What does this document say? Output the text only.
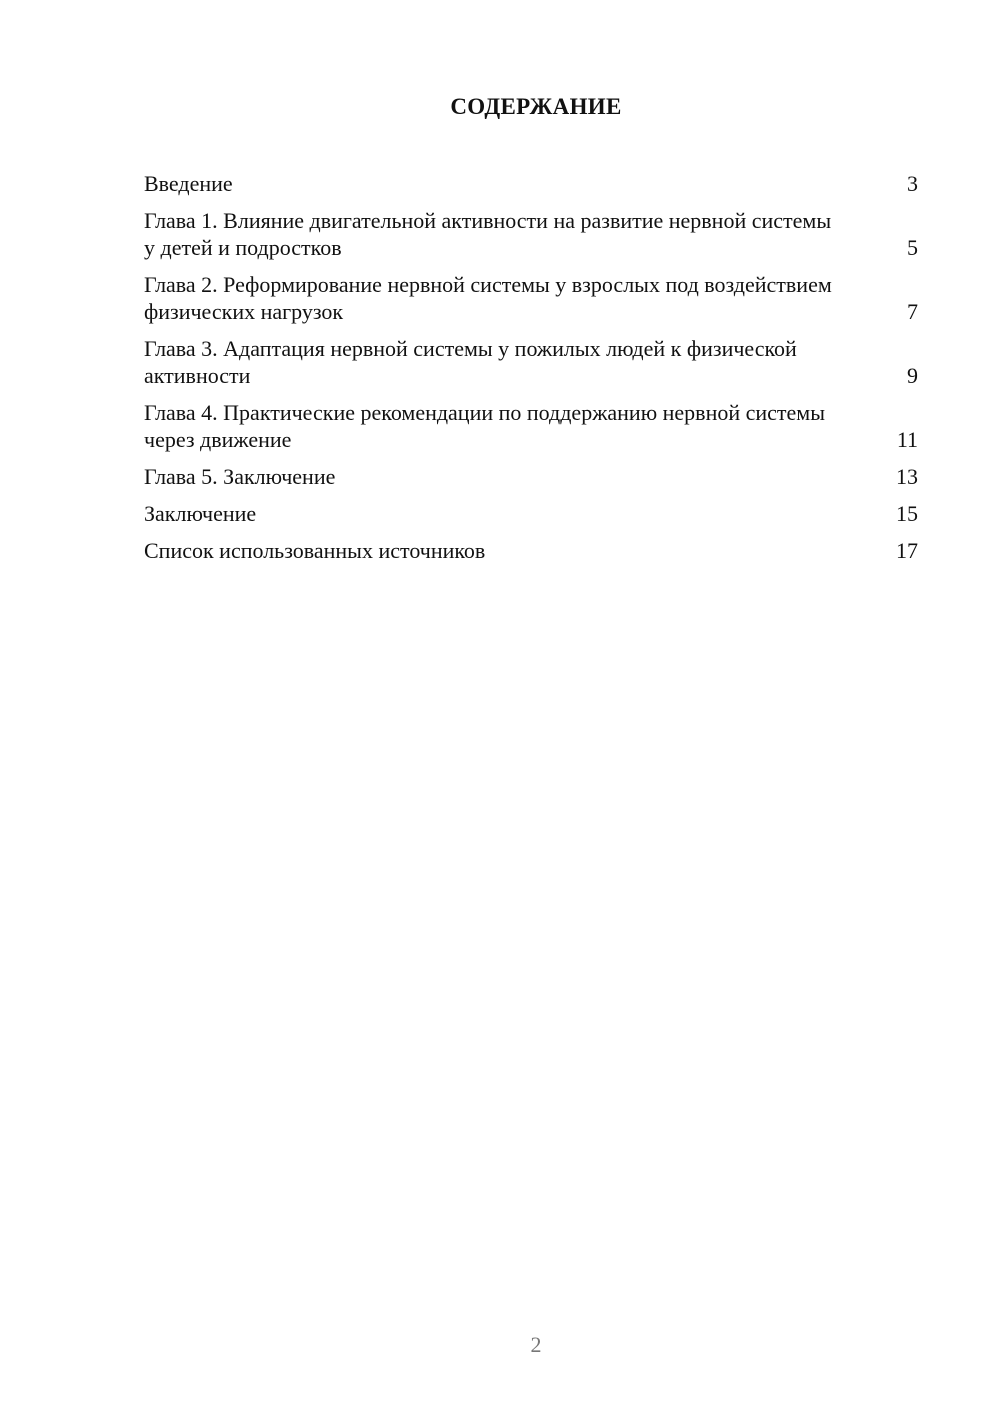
СОДЕРЖАНИЕ
Введение	3
Глава 1. Влияние двигательной активности на развитие нервной системы у детей и подростков	5
Глава 2. Реформирование нервной системы у взрослых под воздействием физических нагрузок	7
Глава 3. Адаптация нервной системы у пожилых людей к физической активности	9
Глава 4. Практические рекомендации по поддержанию нервной системы через движение	11
Глава 5. Заключение	13
Заключение	15
Список использованных источников	17
2
